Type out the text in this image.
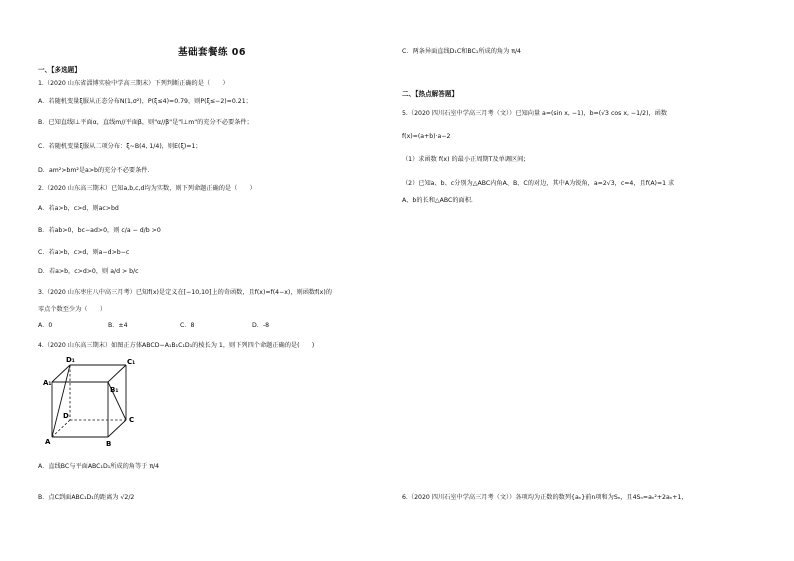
基础套餐练 06
一、【多选题】
1.（2020 山东省淄博实验中学高三期末）下列判断正确的是（　　）
A．若随机变量ξ服从正态分布N(1,σ²)，P(ξ≤4)=0.79，则P(ξ≤−2)=0.21；
B．已知直线l⊥平面α，直线m//平面β，则"α//β"是"l⊥m"的充分不必要条件；
C．若随机变量ξ服从二项分布：ξ~B(4, 1/4)，则E(ξ)=1；
D．am²>bm²是a>b的充分不必要条件.
2.（2020 山东高三期末）已知a,b,c,d均为实数，则下列命题正确的是（　　）
A．若a>b，c>d，则ac>bd
B．若ab>0，bc−ad>0，则 c/a − d/b >0
C．若a>b，c>d，则a−d>b−c
D．若a>b，c>d>0，则 a/d > b/c
3.（2020 山东枣庄八中高三月考）已知f(x)是定义在[−10,10]上的奇函数，且f(x)=f(4−x)，则函数f(x)的
零点个数至少为（　　）
A．0	B．±4	C．8	D．-8
4.（2020 山东高三期末）如图正方体ABCD−A₁B₁C₁D₁的棱长为 1，则下列四个命题正确的是(　　)
A．直线BC与平面ABC₁D₁所成的角等于 π/4
B．点C到面ABC₁D₁的距离为 √2/2
D₁	C₁
A₁
B₁
D	C
A	B
C．两条异面直线D₁C和BC₁所成的角为 π/4
二、【热点解答题】
5.（2020 四川石室中学高三月考（文））已知向量 a=(sin x, −1)，b=(√3 cos x, −1/2)，函数
f(x)=(a+b)·a−2
（1）求函数 f(x) 的最小正周期T及单调区间;
（2）已知a、b、c分别为△ABC内角A、B、C的对边，其中A为锐角，a=2√3，c=4，且f(A)=1 求
A、b的长和△ABC的面积.
6.（2020 四川石室中学高三月考（文））各项均为正数的数列{aₙ}前n项和为Sₙ，且4Sₙ=aₙ²+2aₙ+1，
